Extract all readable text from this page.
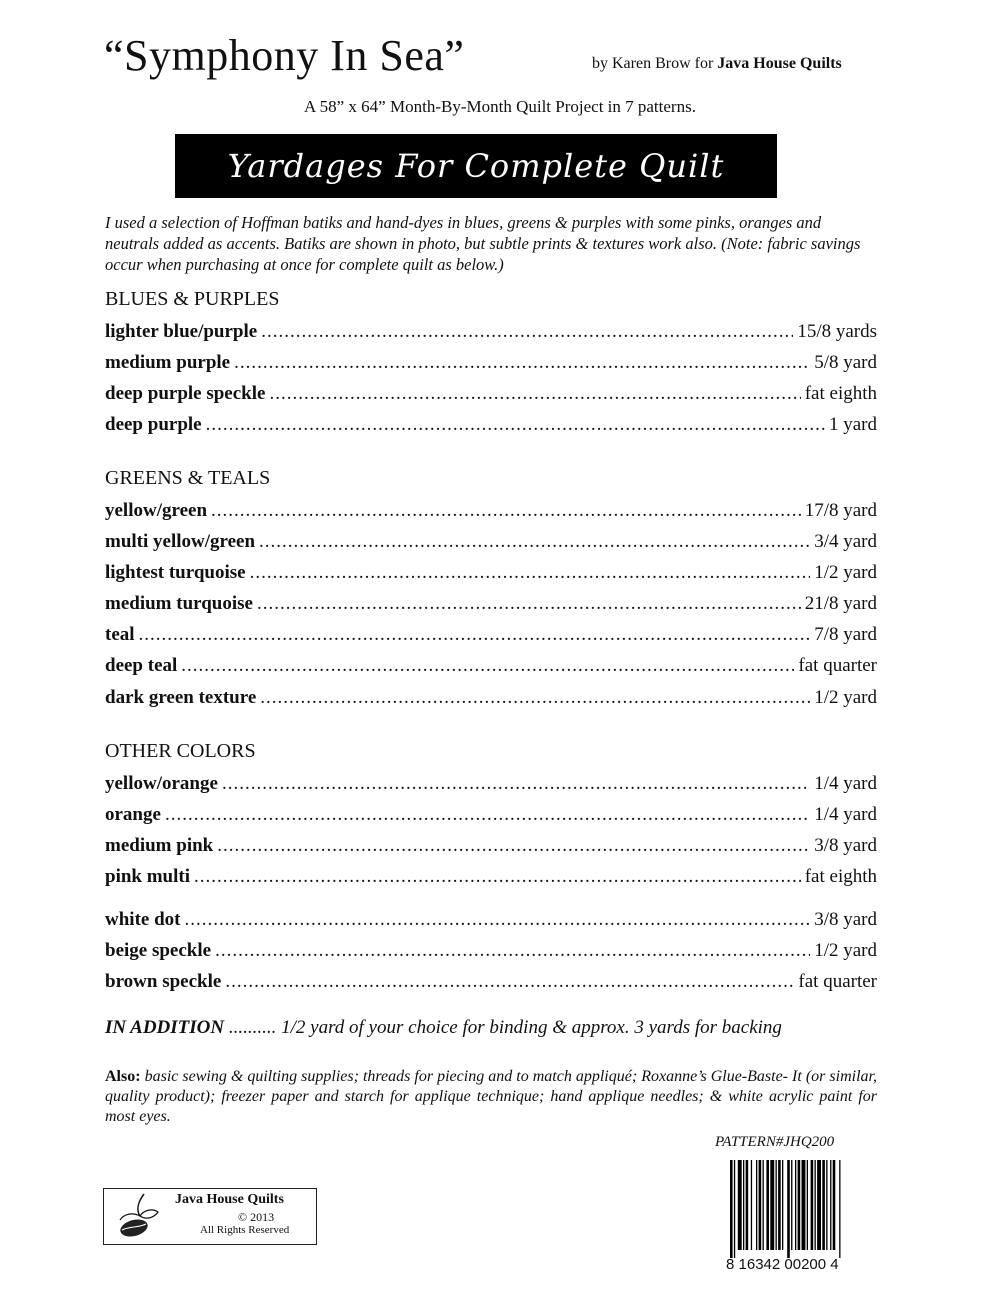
“Symphony In Sea”	by Karen Brow for Java House Quilts
A 58” x 64” Month-By-Month Quilt Project in 7 patterns.
Yardages For Complete Quilt
I used a selection of Hoffman batiks and hand-dyes in blues, greens & purples with some pinks, oranges and neutrals added as accents. Batiks are shown in photo, but subtle prints & textures work also. (Note: fabric savings occur when purchasing at once for complete quilt as below.)
BLUES & PURPLES
lighter blue/purple .....	15/8 yards
medium purple .....	5/8 yard
deep purple speckle .....	fat eighth
deep purple .....	1 yard
GREENS & TEALS
yellow/green .....	17/8 yard
multi yellow/green .....	3/4 yard
lightest turquoise .....	1/2 yard
medium turquoise .....	21/8 yard
teal .....	7/8 yard
deep teal .....	fat quarter
dark green texture .....	1/2 yard
OTHER COLORS
yellow/orange .....	1/4 yard
orange .....	1/4 yard
medium pink .....	3/8 yard
pink multi .....	fat eighth
white dot .....	3/8 yard
beige speckle .....	1/2 yard
brown speckle .....	fat quarter
IN ADDITION .......... 1/2 yard of your choice for binding & approx. 3 yards for backing
Also: basic sewing & quilting supplies; threads for piecing and to match appliqué; Roxanne’s Glue-Baste- It (or similar, quality product); freezer paper and starch for applique technique; hand applique needles; & white acrylic paint for most eyes.
PATTERN#JHQ200
Java House Quilts
© 2013
All Rights Reserved
8 16342 00200 4
